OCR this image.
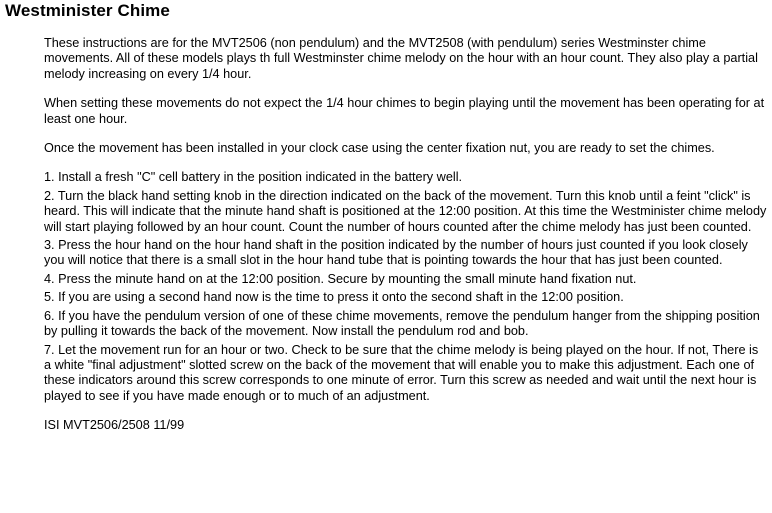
Westminister Chime

These instructions are for the MVT2506 (non pendulum) and the MVT2508 (with pendulum) series Westminster chime movements. All of these models plays th full Westminster chime melody on the hour with an hour count. They also play a partial melody increasing on every 1/4 hour.

When setting these movements do not expect the 1/4 hour chimes to begin playing until the movement has been operating for at least one hour.

Once the movement has been installed in your clock case using the center fixation nut, you are ready to set the chimes.

1. Install a fresh "C" cell battery in the position indicated in the battery well.

2. Turn the black hand setting knob in the direction indicated on the back of the movement. Turn this knob until a feint "click" is heard. This will indicate that the minute hand shaft is positioned at the 12:00 position. At this time the Westminister chime melody will start playing followed by an hour count. Count the number of hours counted after the chime melody has just been counted.

3. Press the hour hand on the hour hand shaft in the position indicated by the number of hours just counted if you look closely you will notice that there is a small slot in the hour hand tube that is pointing towards the hour that has just been counted.

4. Press the minute hand on at the 12:00 position. Secure by mounting the small minute hand fixation nut.

5. If you are using a second hand now is the time to press it onto the second shaft in the 12:00 position.

6. If you have the pendulum version of one of these chime movements, remove the pendulum hanger from the shipping position by pulling it towards the back of the movement. Now install the pendulum rod and bob.

7. Let the movement run for an hour or two. Check to be sure that the chime melody is being played on the hour. If not, There is a white "final adjustment" slotted screw on the back of the movement that will enable you to make this adjustment. Each one of these indicators around this screw corresponds to one minute of error. Turn this screw as needed and wait until the next hour is played to see if you have made enough or to much of an adjustment.

ISI MVT2506/2508 11/99
